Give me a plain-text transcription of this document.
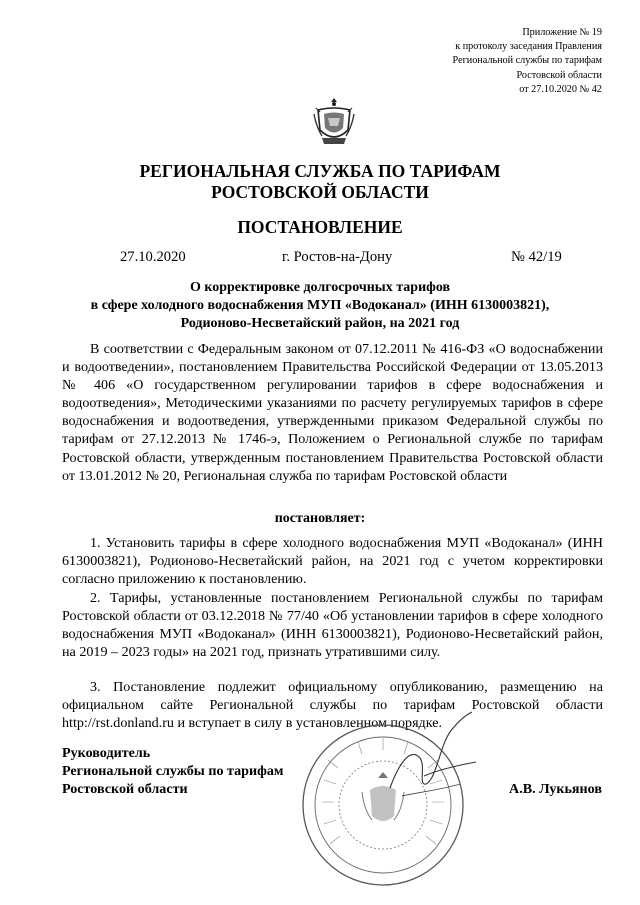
Приложение № 19
к протоколу заседания Правления
Региональной службы по тарифам
Ростовской области
от 27.10.2020 № 42
РЕГИОНАЛЬНАЯ СЛУЖБА ПО ТАРИФАМ
РОСТОВСКОЙ ОБЛАСТИ
ПОСТАНОВЛЕНИЕ
27.10.2020	г. Ростов-на-Дону	№ 42/19
О корректировке долгосрочных тарифов
в сфере холодного водоснабжения МУП «Водоканал» (ИНН 6130003821),
Родионово-Несветайский район, на 2021 год
В соответствии с Федеральным законом от 07.12.2011 № 416-ФЗ «О водоснабжении и водоотведении», постановлением Правительства Российской Федерации от 13.05.2013 № 406 «О государственном регулировании тарифов в сфере водоснабжения и водоотведения», Методическими указаниями по расчету регулируемых тарифов в сфере водоснабжения и водоотведения, утвержденными приказом Федеральной службы по тарифам от 27.12.2013 № 1746-э, Положением о Региональной службе по тарифам Ростовской области, утвержденным постановлением Правительства Ростовской области от 13.01.2012 № 20, Региональная служба по тарифам Ростовской области
постановляет:
1. Установить тарифы в сфере холодного водоснабжения МУП «Водоканал» (ИНН 6130003821), Родионово-Несветайский район, на 2021 год с учетом корректировки согласно приложению к постановлению.
2. Тарифы, установленные постановлением Региональной службы по тарифам Ростовской области от 03.12.2018 № 77/40 «Об установлении тарифов в сфере холодного водоснабжения МУП «Водоканал» (ИНН 6130003821), Родионово-Несветайский район, на 2019 – 2023 годы» на 2021 год, признать утратившими силу.
3. Постановление подлежит официальному опубликованию, размещению на официальном сайте Региональной службы по тарифам Ростовской области http://rst.donland.ru и вступает в силу в установленном порядке.
Руководитель
Региональной службы по тарифам
Ростовской области	А.В. Лукьянов
